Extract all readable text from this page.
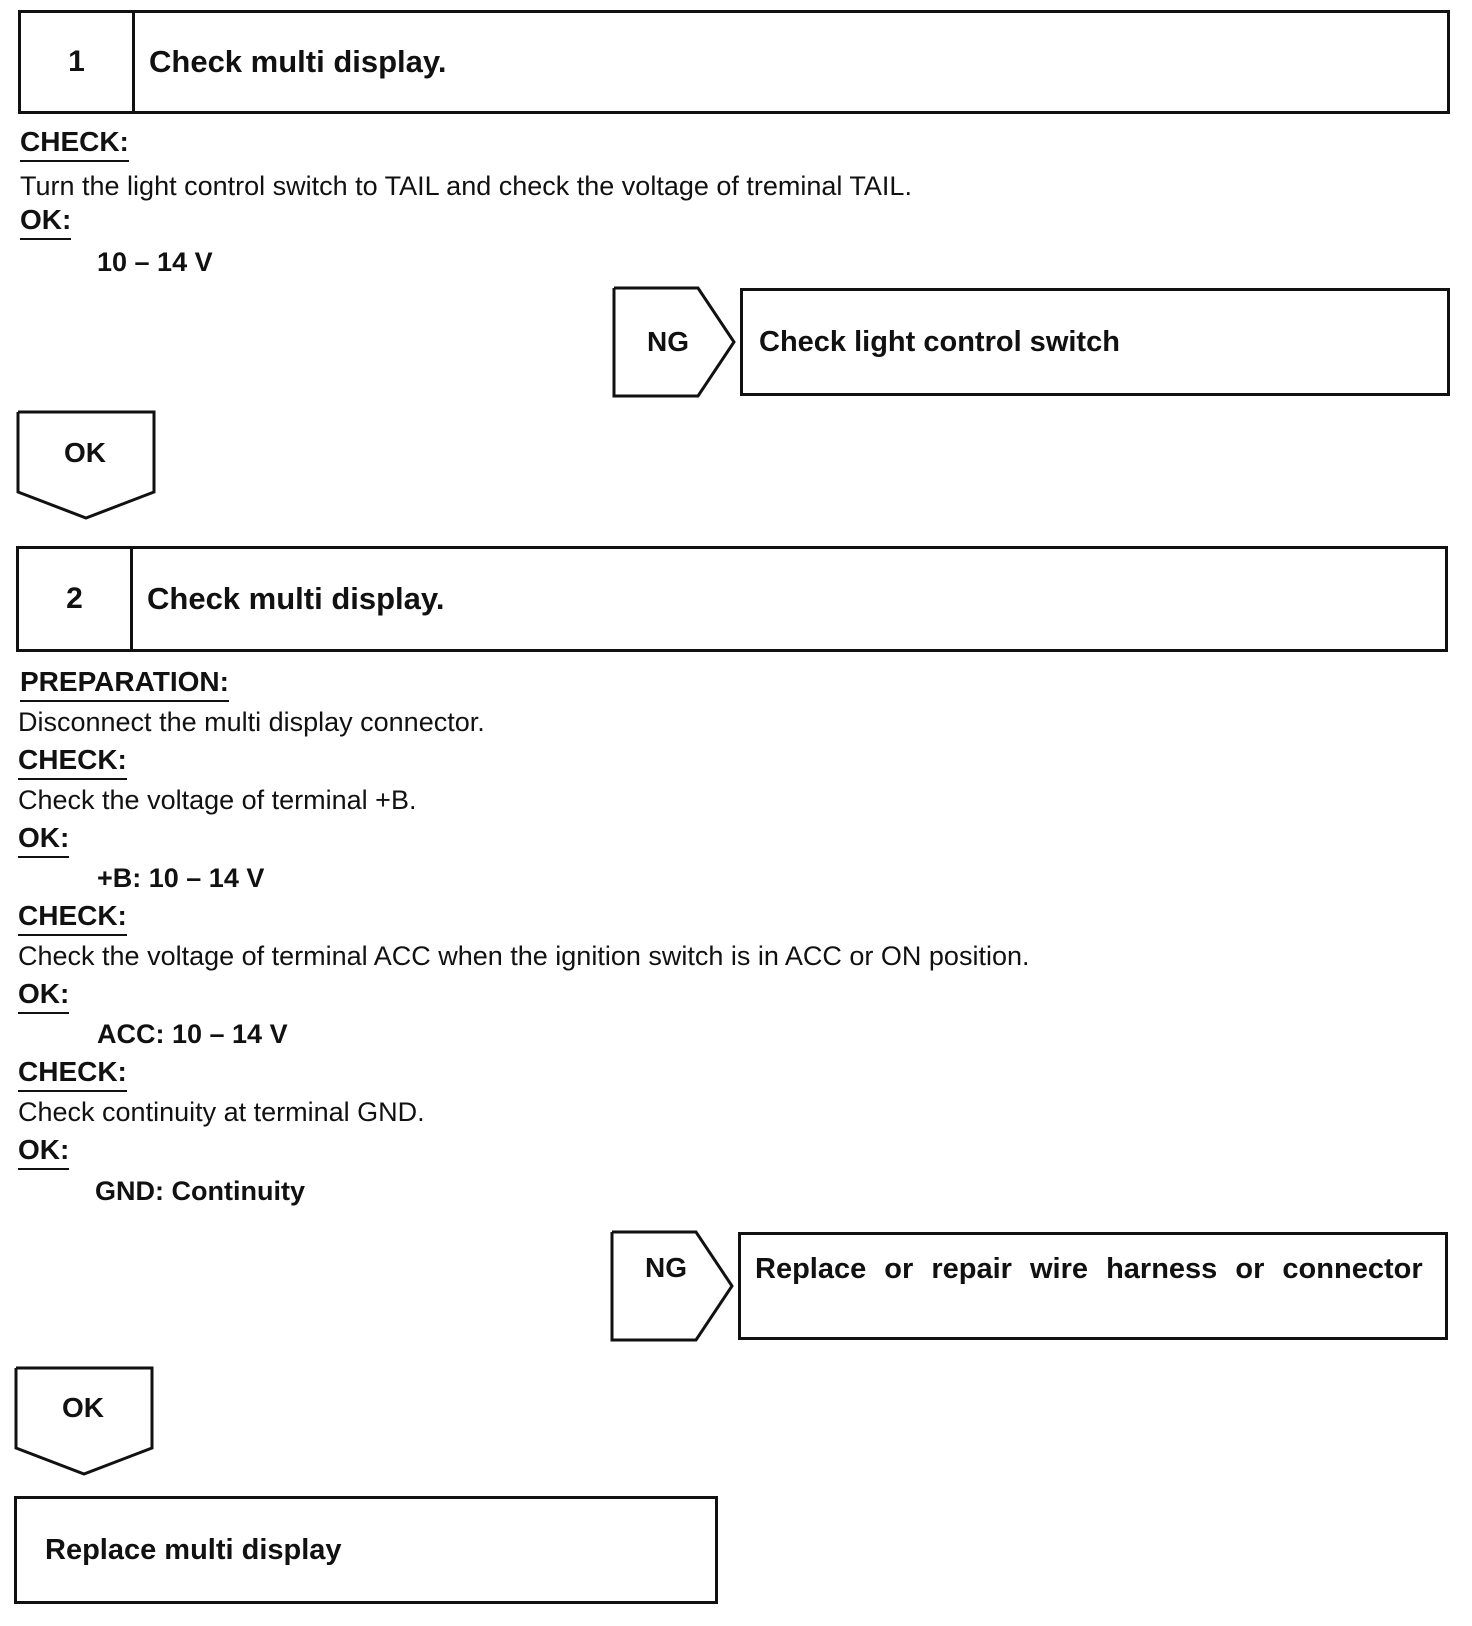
1	Check multi display.
CHECK:
Turn the light control switch to TAIL and check the voltage of treminal TAIL.
OK:
10 – 14 V
NG	Check light control switch
OK
2	Check multi display.
PREPARATION:
Disconnect the multi display connector.
CHECK:
Check the voltage of terminal +B.
OK:
+B: 10 – 14 V
CHECK:
Check the voltage of terminal ACC when the ignition switch is in ACC or ON position.
OK:
ACC: 10 – 14 V
CHECK:
Check continuity at terminal GND.
OK:
GND: Continuity
NG	Replace or repair wire harness or connector
OK
Replace multi display
